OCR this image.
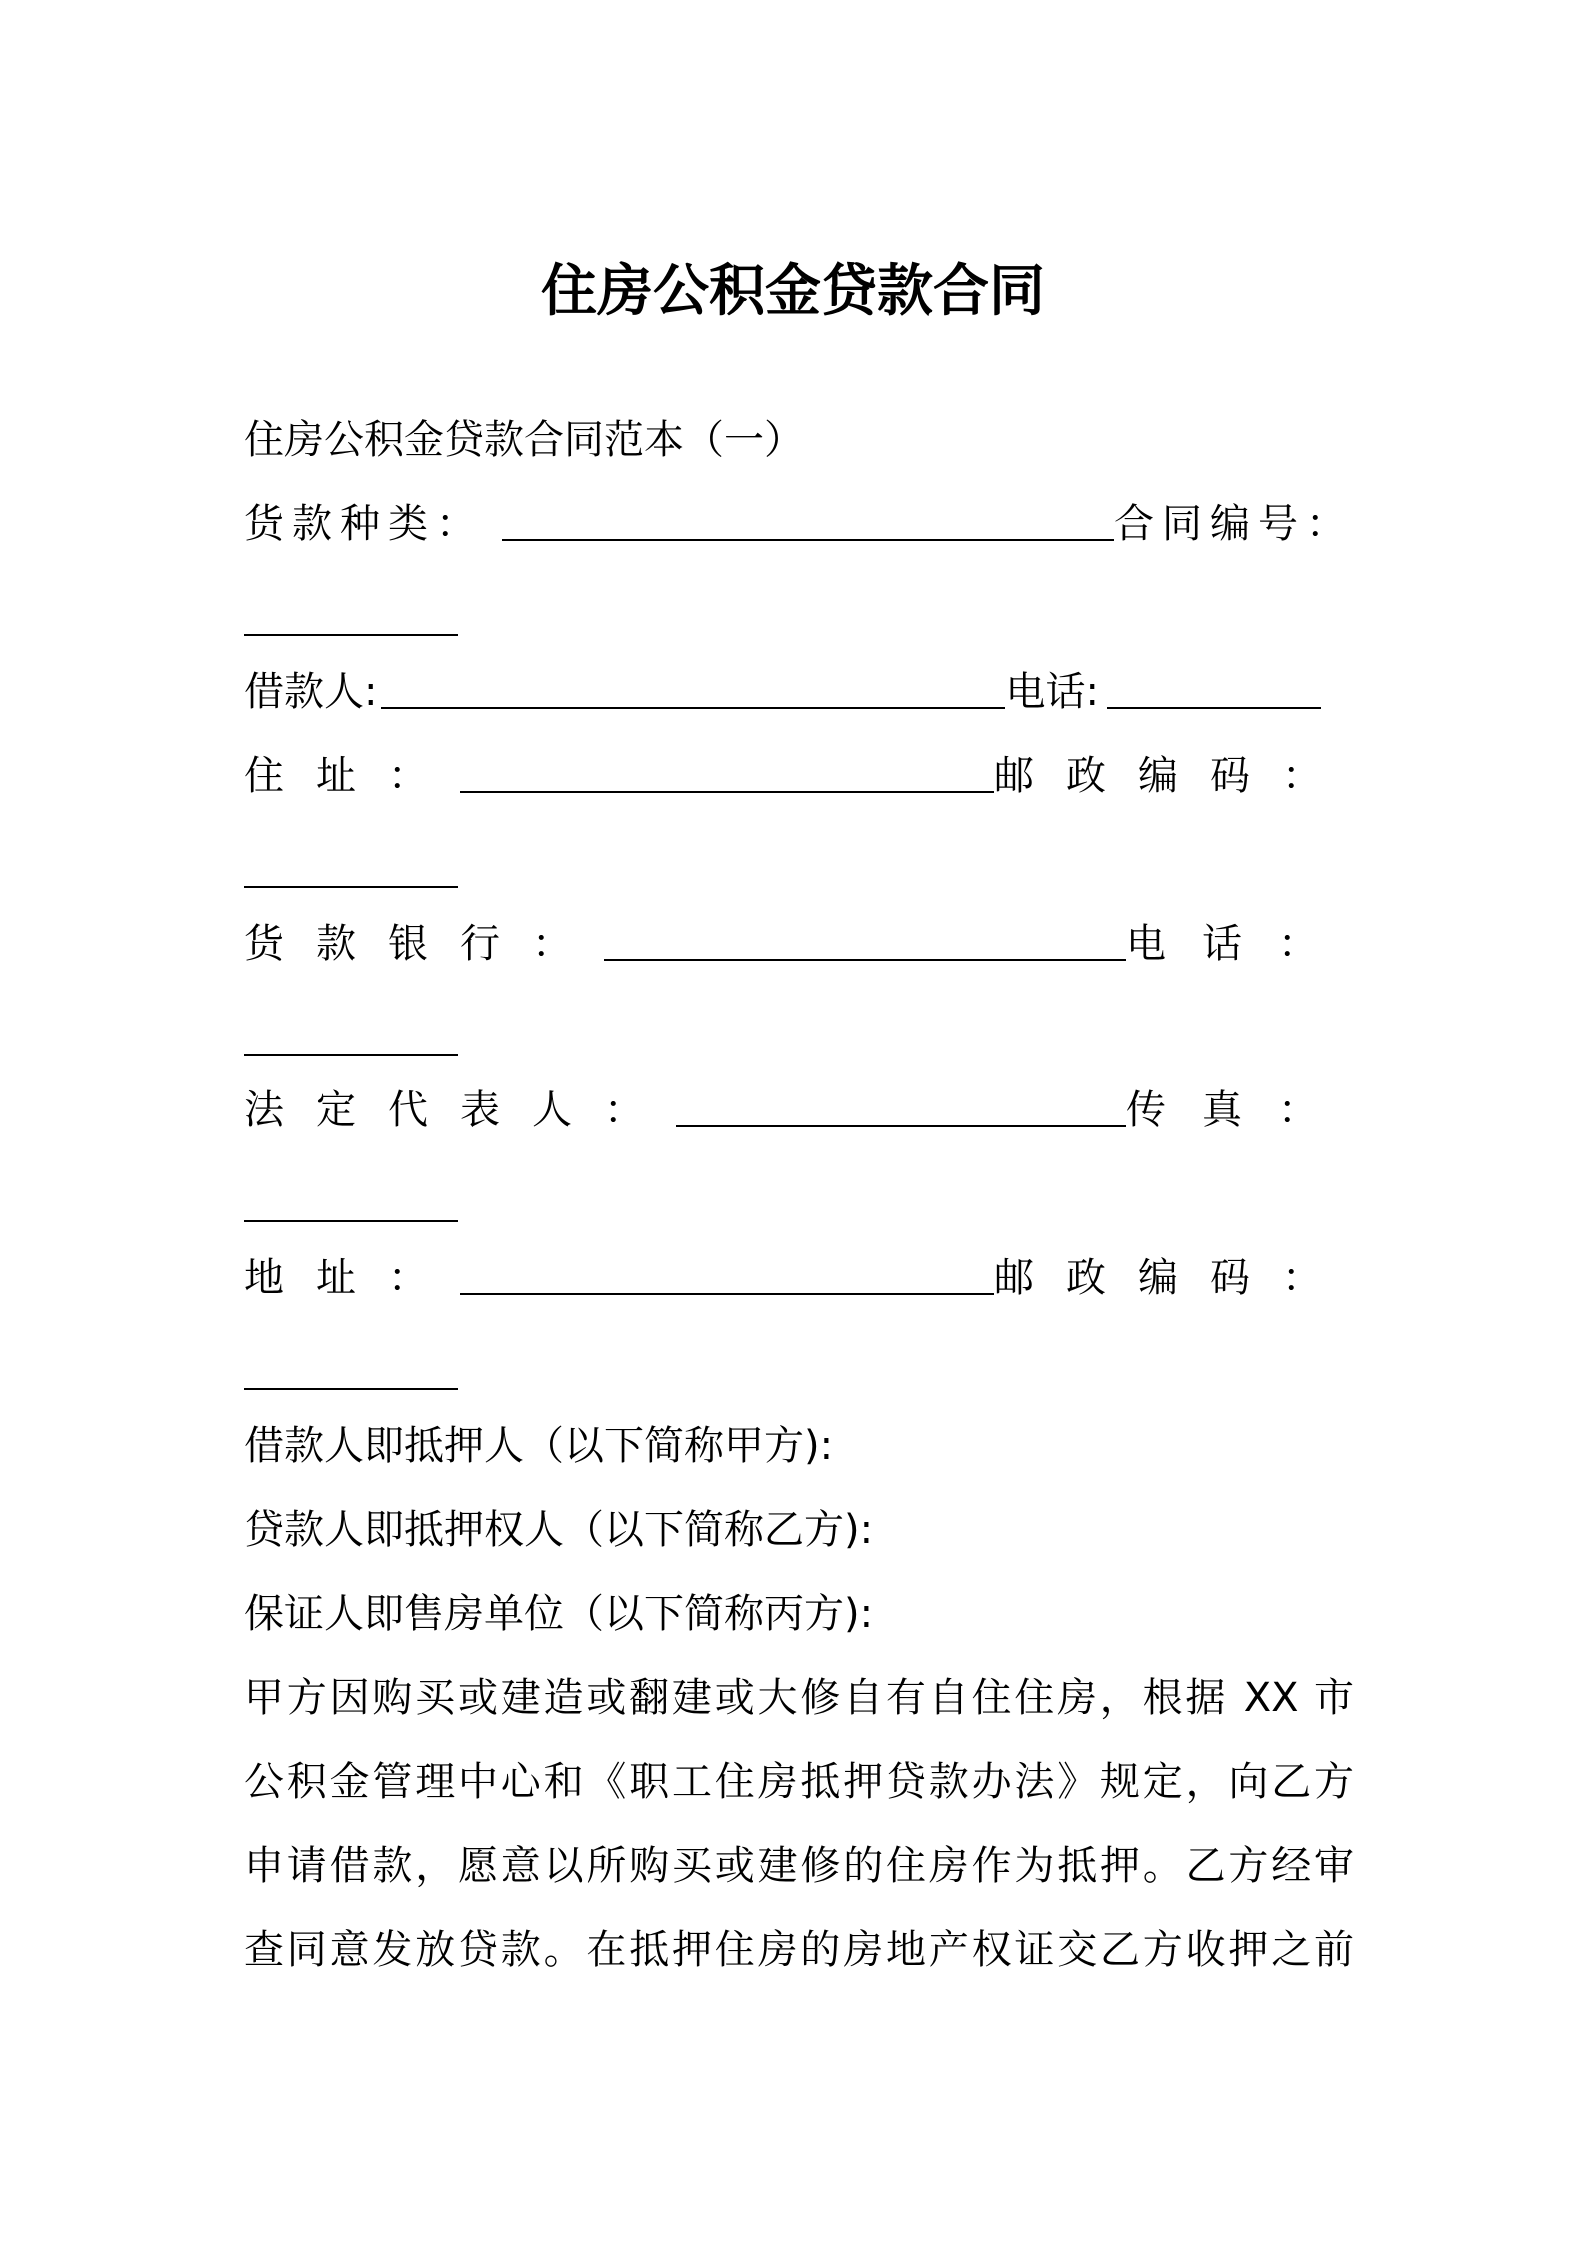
住房公积金贷款合同
住房公积金贷款合同范本（一）
货款种类：	合同编号：
借款人:	电话:
住址：	邮政编码：
货款银行：	电话：
法定代表人：	传真：
地址：	邮政编码：
借款人即抵押人（以下简称甲方):
贷款人即抵押权人（以下简称乙方):
保证人即售房单位（以下简称丙方):
甲方因购买或建造或翻建或大修自有自住住房，根据 XX 市
公积金管理中心和《职工住房抵押贷款办法》规定，向乙方
申请借款，愿意以所购买或建修的住房作为抵押。乙方经审
查同意发放贷款。在抵押住房的房地产权证交乙方收押之前
